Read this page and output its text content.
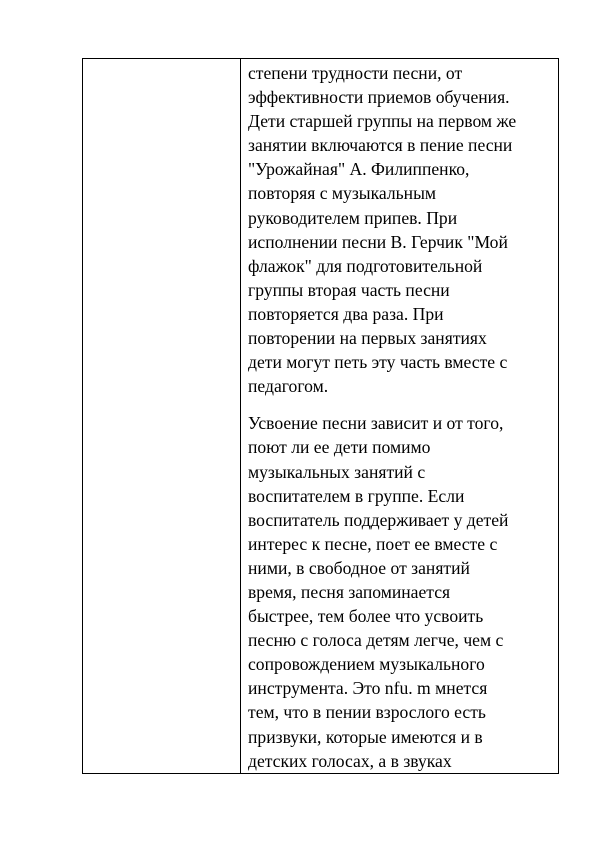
степени трудности песни, от
эффективности приемов обучения.
Дети старшей группы на первом же
занятии включаются в пение песни
"Урожайная" А. Филиппенко,
повторяя с музыкальным
руководителем припев. При
исполнении песни В. Герчик "Мой
флажок" для подготовительной
группы вторая часть песни
повторяется два раза. При
повторении на первых занятиях
дети могут петь эту часть вместе с
педагогом.

Усвоение песни зависит и от того,
поют ли ее дети помимо
музыкальных занятий с
воспитателем в группе. Если
воспитатель поддерживает у детей
интерес к песне, поет ее вместе с
ними, в свободное от занятий
время, песня запоминается
быстрее, тем более что усвоить
песню с голоса детям легче, чем с
сопровождением музыкального
инструмента. Это nfu. m мнется
тем, что в пении взрослого есть
призвуки, которые имеются и в
детских голосах, а в звуках
